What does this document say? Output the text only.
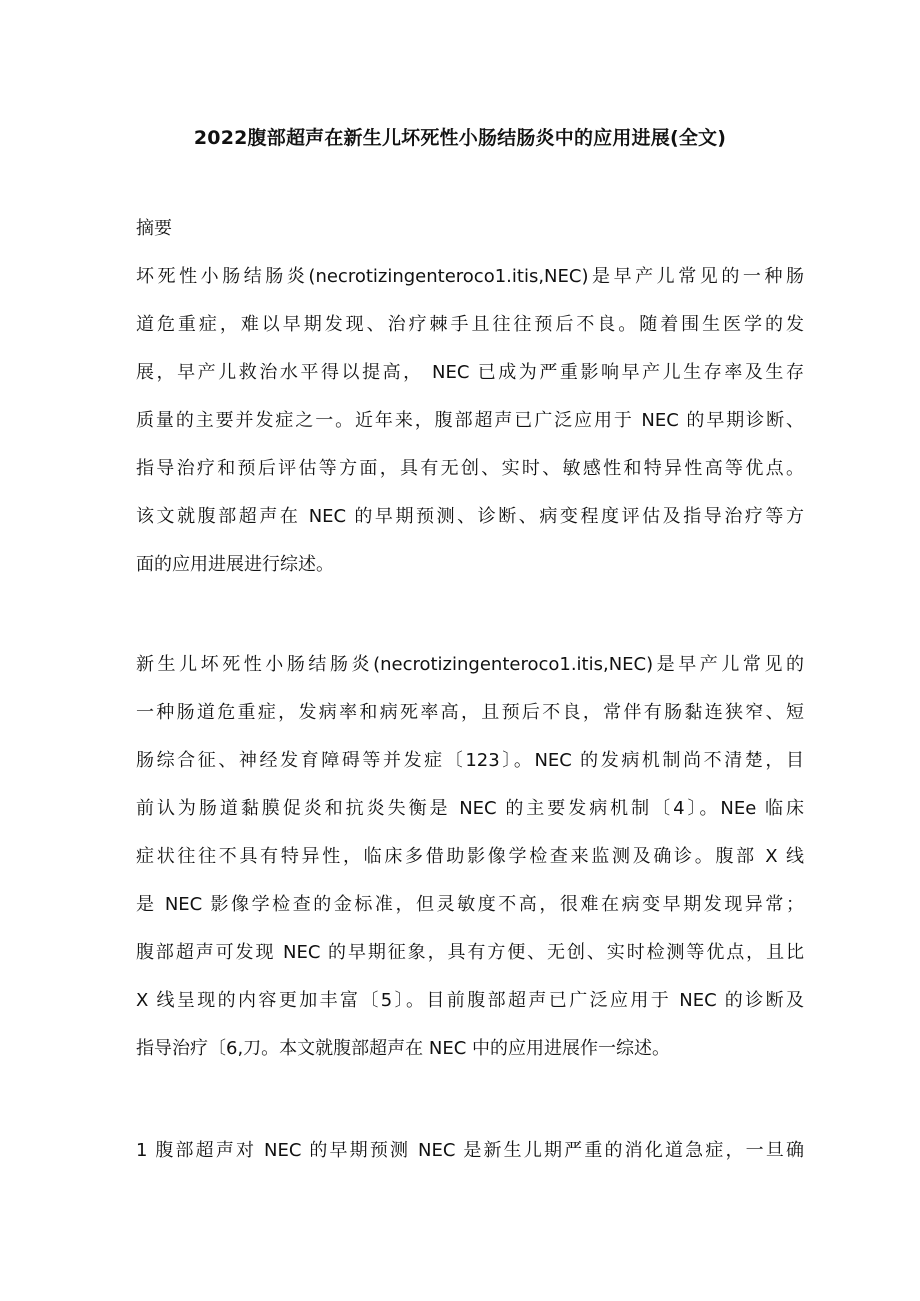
2022腹部超声在新生儿坏死性小肠结肠炎中的应用进展(全文)
摘要
坏死性小肠结肠炎(necrotizingenteroco1.itis,NEC)是早产儿常见的一种肠
道危重症，难以早期发现、治疗棘手且往往预后不良。随着围生医学的发
展，早产儿救治水平得以提高， NEC 已成为严重影响早产儿生存率及生存
质量的主要并发症之一。近年来，腹部超声已广泛应用于 NEC 的早期诊断、
指导治疗和预后评估等方面，具有无创、实时、敏感性和特异性高等优点。
该文就腹部超声在 NEC 的早期预测、诊断、病变程度评估及指导治疗等方
面的应用进展进行综述。
新生儿坏死性小肠结肠炎(necrotizingenteroco1.itis,NEC)是早产儿常见的
一种肠道危重症，发病率和病死率高，且预后不良，常伴有肠黏连狭窄、短
肠综合征、神经发育障碍等并发症〔123〕。NEC 的发病机制尚不清楚，目
前认为肠道黏膜促炎和抗炎失衡是 NEC 的主要发病机制〔4〕。NEe 临床
症状往往不具有特异性，临床多借助影像学检查来监测及确诊。腹部 X 线
是 NEC 影像学检查的金标准，但灵敏度不高，很难在病变早期发现异常；
腹部超声可发现 NEC 的早期征象，具有方便、无创、实时检测等优点，且比
X 线呈现的内容更加丰富〔5〕。目前腹部超声已广泛应用于 NEC 的诊断及
指导治疗〔6,刀。本文就腹部超声在 NEC 中的应用进展作一综述。
1 腹部超声对 NEC 的早期预测 NEC 是新生儿期严重的消化道急症，一旦确
